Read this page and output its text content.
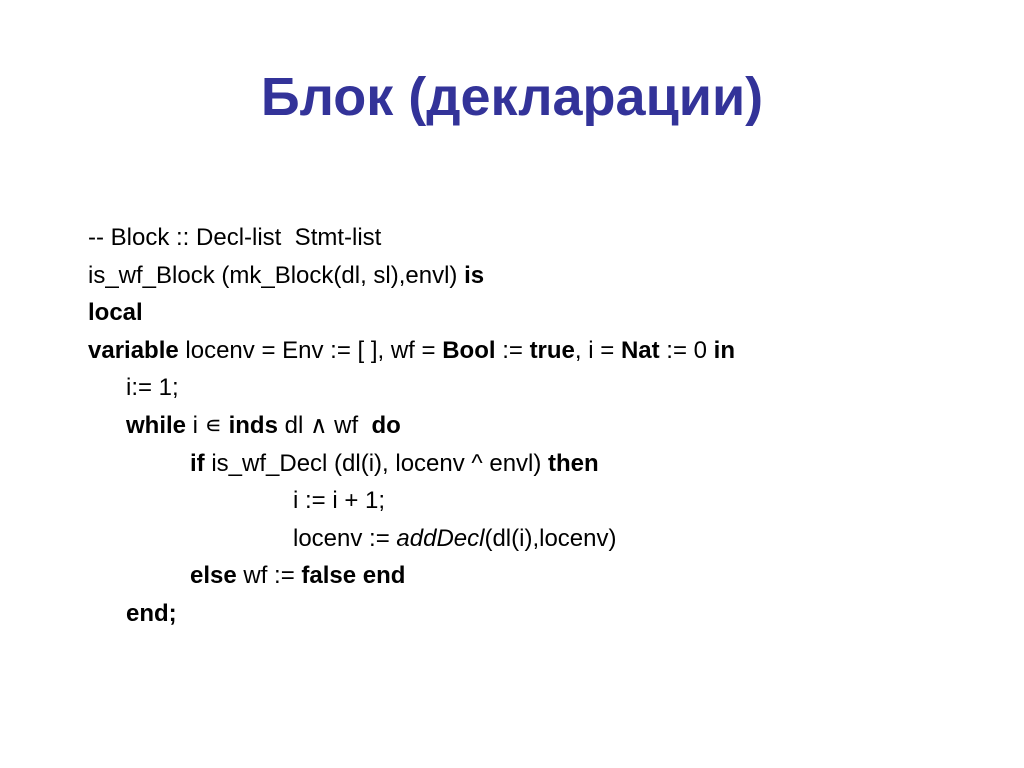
Блок (декларации)
-- Block :: Decl-list  Stmt-list
is_wf_Block (mk_Block(dl, sl),envl) is
local
variable locenv = Env := [ ], wf = Bool := true, i = Nat := 0 in
i:= 1;
while i ∊ inds dl ∧ wf  do
if is_wf_Decl (dl(i), locenv ^ envl) then
i := i + 1;
locenv := addDecl(dl(i),locenv)
else wf := false end
end;
